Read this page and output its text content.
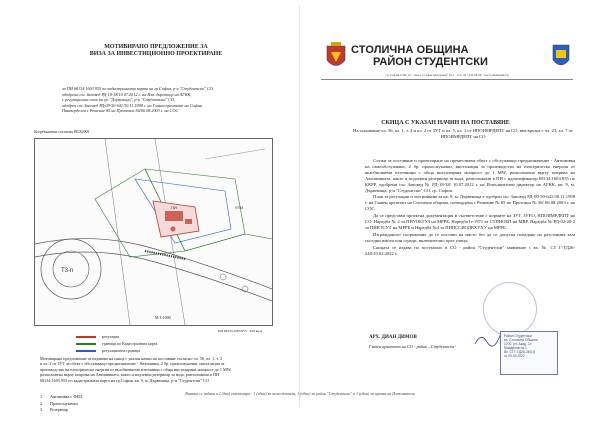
МОТИВИРАНО ПРЕДЛОЖЕНИЕ ЗА
ВИЗА ЗА ИНВЕСТИЦИОННО ПРОЕКТИРАНЕ
за ПИ 68134.1603.955 по кадастралната карта на гр.София, р-н "Студентски" СО,
одобрена със Заповед РД-18-38/10.07.2012 г. на Изп. директор на АГКК,
с регулационен план на гр. "Дървеница", р-н "Студентски" СО,
одобрен със Заповед РД-09-50-641/30.11.1998 г. на Главен архитект на София,
Пантерделея с Решение 85 на Протокол 56/06.08.2003 г. на СОС
Координатна система BGS2005
T3-n
ПИ	УПИ
М 1:1000
ПИ 68134.1603.955 - 659 кв.м
регулация
граници по Кадастралната карта
регулационна граница
Мотивирано предложение за издаване на скица с указан начин на поставяне съгласно чл. 56, ал. 1, т. 2
и ал. 2 от ЗУТ за обект с обслужващо предназначение - Автомивка, 2 бр. прахосмукачки, инсталация за
производство на електрическа енергия от възобновяеми източници с обща инсталирана мощност до 1 MW,
разположена върху покрива на Автомивката, както и подземен резервоар за вода, разположени в ПИ
68134.1603.955 по кадастралната карта на гр.София, кв. 9, м. Дървеница, р-н "Студентски" СО.
1.	Автомивка с ФЕЦ
2.	Прахосмукачки
3.	Резервоар
СТОЛИЧНА ОБЩИНА
РАЙОН СТУДЕНТСКИ
гр. София 1700, ул. "Акад. Стефан Младенов" № 1 · тел. 02 / 816 68 68 · www.studentski.bg
СКИЦА С УКАЗАН НАЧИН НА ПОСТАВЯНЕ
На основание чл. 56, ал. 1, т. 2 и ал. 2 от ЗУТ и чл. 5, ал. 1 от НПОИМРДЕПТ на СО, във връзка с чл. 23, ал. 7 от НПОИМРДЕПТ на СО

Служи за поставяне и проектиране на преместваем обект с обслужващо предназначение - Автомивка на самообслужване, 2 бр. прахосмукачки, инсталация за производство на електрическа енергия от възобновяеми източници с обща инсталирана мощност до 1 MW, разположена върху покрива на Автомивката, както и подземен резервоар за вода, разположени в ПИ с идентификатор 68134.1603.955 по ККРР, одобрени със Заповед № РД-18-38/ 10.07.2012 г. на Изпълнителен директор на АГКК, кв. 9, м. Дървеница, р-н "Студентски" СО, гр. София.

План за регулация и застрояване за кв. 9, м. Дървеница е одобрен със Заповед РД-09-50-641/30.11.1998 г. на Главен архитект на Столична община, потвърдена с Решение № 85 по Протокол № 56/ 06.08.2003 г. на СОС.

Да се представи проектна документация в съответствие с нормите на ЗУТ, ЗУЕО, НПОИМРДЕПТ на СО, Наредба № 2 за ПНУОБТУЗ на МРРБ, Наредба Iз-1971 за СТПНОБП на МВР, Наредба № РД-02-20-2 за ПИКТСУТ на МРРБ и Наредба №4 за ПИПССИОДВХУХУ на МРРБ.

Изгражданото съоръжение да се постави на място без да се допуска попадане на разстояния към съседни имоти или сгради, включително през улица.

Скицата се издава по постъпило в СО - район "Студентски" заявление с вх. № СТ Г-ТД26-240/10.02.2022 г.

АРХ. ДИАН ДИМОВ
Главен архитект на СО - район „Студентски“
Район Студентски
вх. Столична Община
1700, ул. Акад. Ст.
Младенов № 1
Вх. СТГ-ТД26-240(1)
от 25.03.2022
Визата се издава в 2 (два) екземпляра - 1 (един) за възложителя, 1 (един) за район "Студентски" и 1 (един) за архива на Изпълнителя
